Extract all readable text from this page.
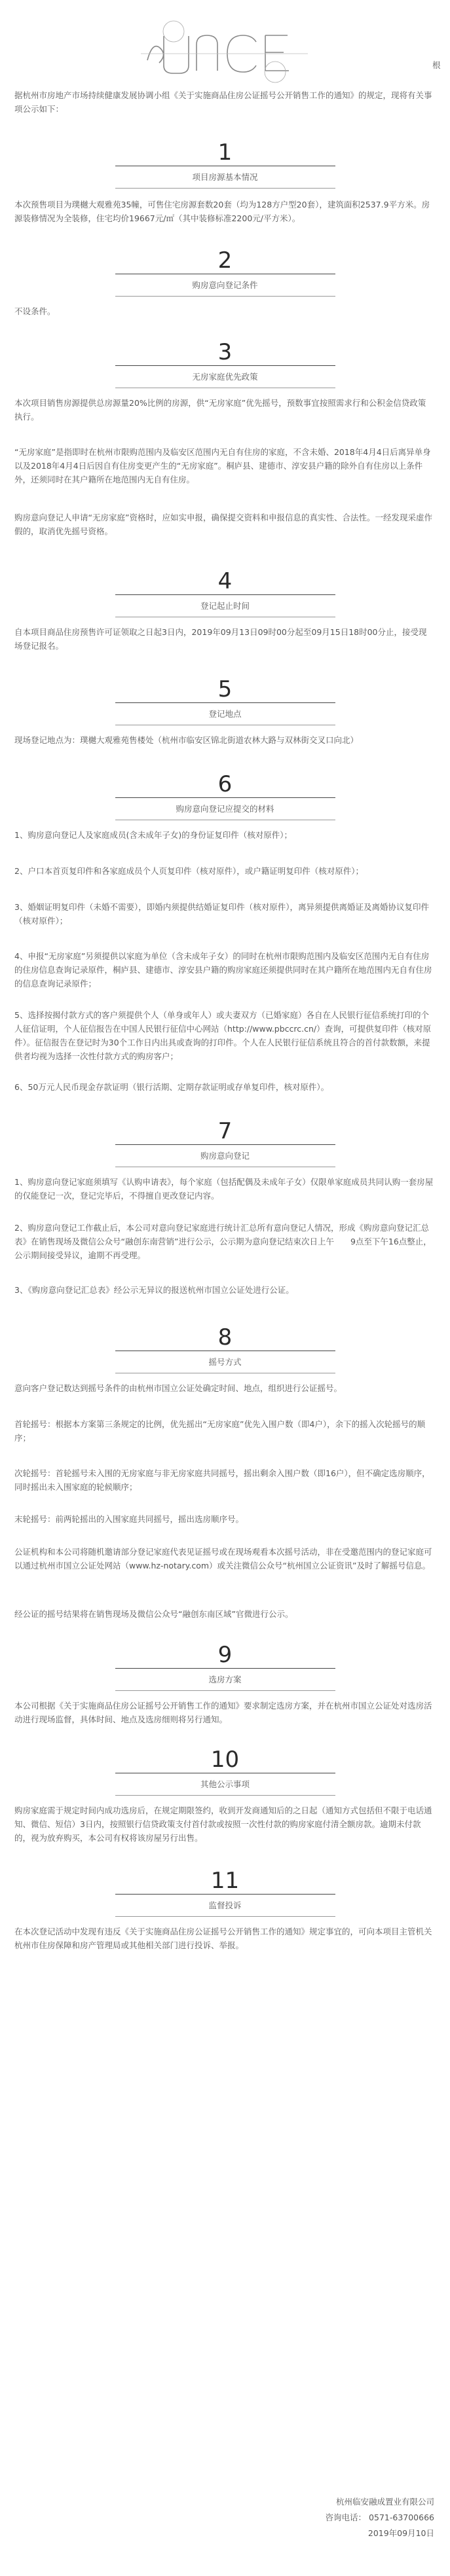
根

据杭州市房地产市场持续健康发展协调小组《关于实施商品住房公证摇号公开销售工作的通知》的规定，现将有关事项公示如下：

1
项目房源基本情况

本次预售项目为璞樾大观雅苑35幢，可售住宅房源套数20套（均为128方户型20套），建筑面积2537.9平方米。房源装修情况为全装修，住宅均价19667元/㎡（其中装修标准2200元/平方米）。

2
购房意向登记条件

不设条件。

3
无房家庭优先政策

本次项目销售房源提供总房源量20%比例的房源，供“无房家庭”优先摇号，预数事宜按照需求行和公积金信贷政策执行。

“无房家庭”是指即时在杭州市限购范围内及临安区范围内无自有住房的家庭，不含未婚、2018年4月4日后离异单身以及2018年4月4日后因自有住房变更产生的“无房家庭”。桐庐县、建德市、淳安县户籍的除外自有住房以上条件外，还须同时在其户籍所在地范围内无自有住房。

购房意向登记人申请“无房家庭”资格时，应如实申报，确保提交资料和申报信息的真实性、合法性。一经发现采虚作假的，取消优先摇号资格。

4
登记起止时间

自本项目商品住房预售许可证领取之日起3日内，2019年09月13日09时00分起至09月15日18时00分止，接受现场登记报名。

5
登记地点

现场登记地点为：璞樾大观雅苑售楼处（杭州市临安区锦北街道农林大路与双林街交叉口向北）

6
购房意向登记应提交的材料

1、购房意向登记人及家庭成员(含未成年子女)的身份证复印件（核对原件）；

2、户口本首页复印件和各家庭成员个人页复印件（核对原件），或户籍证明复印件（核对原件）；

3、婚姻证明复印件（未婚不需要），即婚内须提供结婚证复印件（核对原件），离异须提供离婚证及离婚协议复印件（核对原件）；

4、申报“无房家庭”另须提供以家庭为单位（含未成年子女）的同时在杭州市限购范围内及临安区范围内无自有住房的住房信息查询记录原件，桐庐县、建德市、淳安县户籍的购房家庭还须提供同时在其户籍所在地范围内无自有住房的信息查询记录原件；

5、选择按揭付款方式的客户须提供个人（单身或年人）或夫妻双方（已婚家庭）各自在人民银行征信系统打印的个人征信证明，个人征信报告在中国人民银行征信中心网站（http://www.pbccrc.cn/）查询，可提供复印件（核对原件）。征信报告在登记时为30个工作日内出具或查询的打印件。个人在人民银行征信系统且符合的首付款数额，来提供者均视为选择一次性付款方式的购房客户；

6、50万元人民币现金存款证明（银行活期、定期存款证明或存单复印件，核对原件）。

7
购房意向登记

1、购房意向登记家庭须填写《认购申请表》，每个家庭（包括配偶及未成年子女）仅限单家庭成员共同认购一套房屋的仅能登记一次，登记完毕后，不得擅自更改登记内容。

2、购房意向登记工作截止后，本公司对意向登记家庭进行统计汇总所有意向登记人情况，形成《购房意向登记汇总表》在销售现场及微信公众号“融创东南营销”进行公示，公示期为意向登记结束次日上午　　9点至下午16点整止，公示期间接受异议，逾期不再受理。

3、《购房意向登记汇总表》经公示无异议的报送杭州市国立公证处进行公证。

8
摇号方式

意向客户登记数达到摇号条件的由杭州市国立公证处确定时间、地点，组织进行公证摇号。

首轮摇号：根据本方案第三条规定的比例，优先摇出“无房家庭”优先入围户数（即4户），余下的摇入次轮摇号的顺序；

次轮摇号：首轮摇号未入围的无房家庭与非无房家庭共同摇号，摇出剩余入围户数（即16户），但不确定选房顺序，同时摇出未入围家庭的轮候顺序；

末轮摇号：前两轮摇出的入围家庭共同摇号，摇出选房顺序号。

公证机构和本公司将随机邀请部分登记家庭代表见证摇号或在现场观看本次摇号活动，非在受邀范围内的登记家庭可以通过杭州市国立公证处网站（www.hz-notary.com）或关注微信公众号“杭州国立公证资讯”及时了解摇号信息。

经公证的摇号结果将在销售现场及微信公众号“融创东南区域”官微进行公示。

9
选房方案

本公司根据《关于实施商品住房公证摇号公开销售工作的通知》要求制定选房方案，并在杭州市国立公证处对选房活动进行现场监督，具体时间、地点及选房细则将另行通知。

10
其他公示事项

购房家庭需于规定时间内成功选房后，在规定期限签约，收到开发商通知后的之日起（通知方式包括但不限于电话通知、微信、短信）3日内，按照银行信贷政策支付首付款或按照一次性付款的购房家庭付清全额房款。逾期未付款的，视为放弃购买，本公司有权将该房屋另行出售。

11
监督投诉

在本次登记活动中发现有违反《关于实施商品住房公证摇号公开销售工作的通知》规定事宜的，可向本项目主管机关杭州市住房保障和房产管理局或其他相关部门进行投诉、举报。

杭州临安融成置业有限公司
咨询电话： 0571-63700666
2019年09月10日
